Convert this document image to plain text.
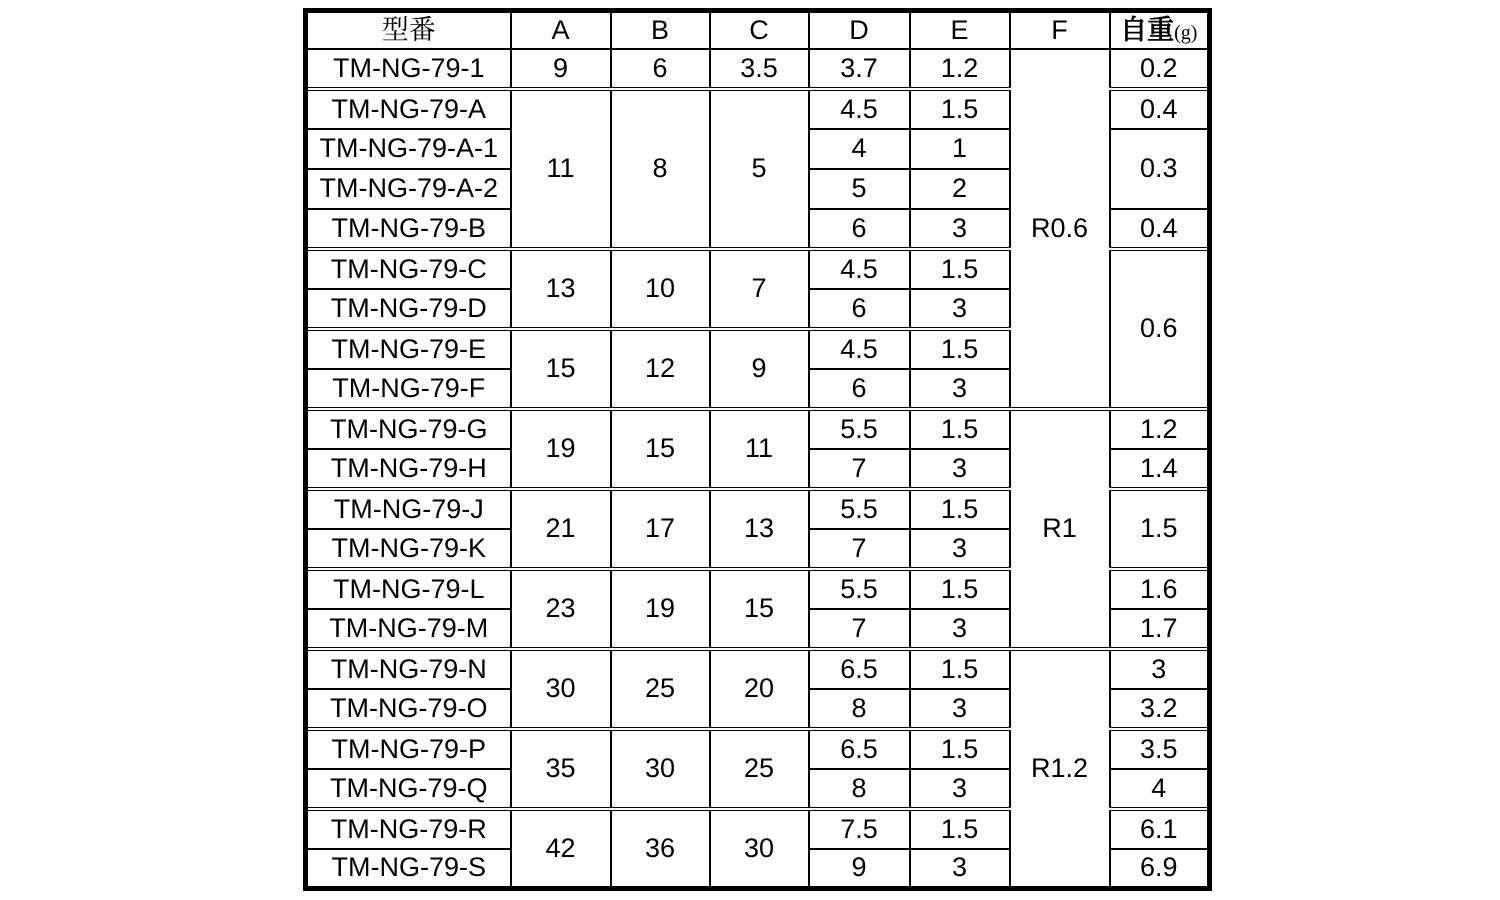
型番	A	B	C	D	E	F	自重(g)
TM-NG-79-1	9	6	3.5	3.7	1.2	R0.6	0.2
TM-NG-79-A	11	8	5	4.5	1.5		0.4
TM-NG-79-A-1				4	1		0.3
TM-NG-79-A-2				5	2		
TM-NG-79-B				6	3		0.4
TM-NG-79-C	13	10	7	4.5	1.5		0.6
TM-NG-79-D				6	3		
TM-NG-79-E	15	12	9	4.5	1.5		
TM-NG-79-F				6	3		
TM-NG-79-G	19	15	11	5.5	1.5	R1	1.2
TM-NG-79-H				7	3		1.4
TM-NG-79-J	21	17	13	5.5	1.5		1.5
TM-NG-79-K				7	3		
TM-NG-79-L	23	19	15	5.5	1.5		1.6
TM-NG-79-M				7	3		1.7
TM-NG-79-N	30	25	20	6.5	1.5	R1.2	3
TM-NG-79-O				8	3		3.2
TM-NG-79-P	35	30	25	6.5	1.5		3.5
TM-NG-79-Q				8	3		4
TM-NG-79-R	42	36	30	7.5	1.5		6.1
TM-NG-79-S				9	3		6.9
